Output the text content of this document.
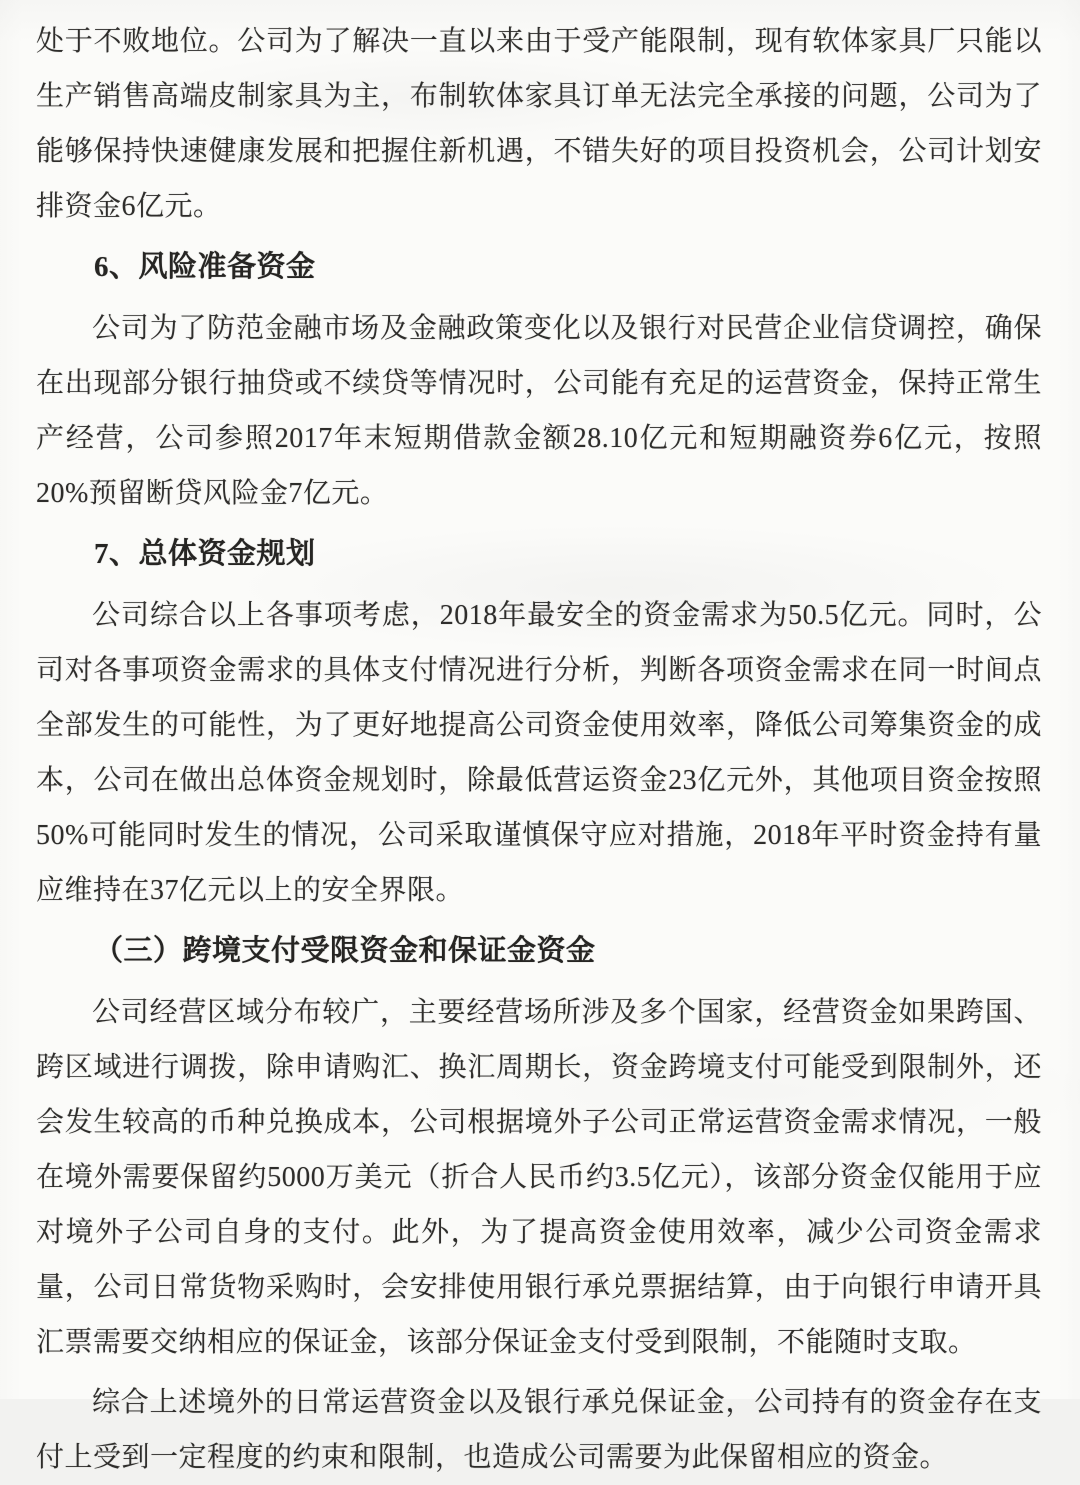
处于不败地位。公司为了解决一直以来由于受产能限制，现有软体家具厂只能以生产销售高端皮制家具为主，布制软体家具订单无法完全承接的问题，公司为了能够保持快速健康发展和把握住新机遇，不错失好的项目投资机会，公司计划安排资金6亿元。

6、风险准备资金

公司为了防范金融市场及金融政策变化以及银行对民营企业信贷调控，确保在出现部分银行抽贷或不续贷等情况时，公司能有充足的运营资金，保持正常生产经营，公司参照2017年末短期借款金额28.10亿元和短期融资券6亿元，按照20%预留断贷风险金7亿元。

7、总体资金规划

公司综合以上各事项考虑，2018年最安全的资金需求为50.5亿元。同时，公司对各事项资金需求的具体支付情况进行分析，判断各项资金需求在同一时间点全部发生的可能性，为了更好地提高公司资金使用效率，降低公司筹集资金的成本，公司在做出总体资金规划时，除最低营运资金23亿元外，其他项目资金按照50%可能同时发生的情况，公司采取谨慎保守应对措施，2018年平时资金持有量应维持在37亿元以上的安全界限。

（三）跨境支付受限资金和保证金资金

公司经营区域分布较广，主要经营场所涉及多个国家，经营资金如果跨国、跨区域进行调拨，除申请购汇、换汇周期长，资金跨境支付可能受到限制外，还会发生较高的币种兑换成本，公司根据境外子公司正常运营资金需求情况，一般在境外需要保留约5000万美元（折合人民币约3.5亿元），该部分资金仅能用于应对境外子公司自身的支付。此外，为了提高资金使用效率，减少公司资金需求量，公司日常货物采购时，会安排使用银行承兑票据结算，由于向银行申请开具汇票需要交纳相应的保证金，该部分保证金支付受到限制，不能随时支取。

综合上述境外的日常运营资金以及银行承兑保证金，公司持有的资金存在支付上受到一定程度的约束和限制，也造成公司需要为此保留相应的资金。
